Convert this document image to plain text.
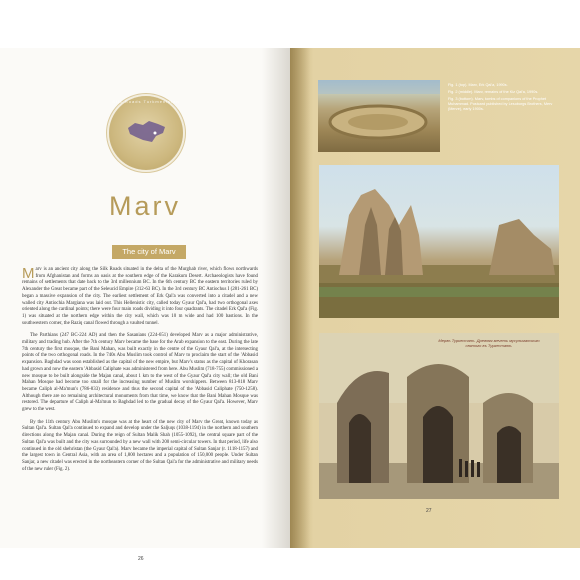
Silk Roads Turkmenistan
Marv
The city of Marv

Marv is an ancient city along the Silk Roads situated in the delta of the Murghab river, which flows northwards from Afghanistan and forms an oasis at the southern edge of the Karakum Desert. Archaeologists have found remains of settlements that date back to the 3rd millennium BC. In the 6th century BC the eastern territories ruled by Alexander the Great became part of the Seleucid Empire (312-63 BC). In the 3rd century BC Antiochus I (281-261 BC) began a massive expansion of the city. The earliest settlement of Erk Qal'a was converted into a citadel and a new walled city Antiochia Margiana was laid out. This Hellenistic city, called today Gyaur Qal'a, had two orthogonal axes oriented along the cardinal points; there were four main roads dividing it into four quadrants. The citadel Erk Qal'a (Fig. 1) was situated at the northern edge within the city wall, which was 10 m wide and had 100 bastions. In the southwestern corner, the Raziq canal flowed through a vaulted tunnel.

The Parthians (247 BC-224 AD) and then the Sasanians (224-651) developed Marv as a major administrative, military and trading hub. After the 7th century Marv became the base for the Arab expansion to the east. During the late 7th century the first mosque, the Bani Mahan, was built exactly in the centre of the Gyaur Qal'a, at the intersecting points of the two orthogonal roads. In the 740s Abu Muslim took control of Marv to proclaim the start of the 'Abbasid expansion. Baghdad was soon established as the capital of the new empire, but Marv's status as the capital of Khorasan had grown and now the eastern 'Abbasid Caliphate was administered from here. Abu Muslim (718-755) commissioned a new mosque to be built alongside the Majan canal, about 1 km to the west of the Gyaur Qal'a city wall; the old Bani Mahan Mosque had become too small for the increasing number of Muslim worshippers. Between 813-818 Marv became Caliph al-Ma'mun's (786-833) residence and thus the second capital of the 'Abbasid Caliphate (750-1258). Although there are no remaining architectural monuments from that time, we know that the Bani Mahan Mosque was restored. The departure of Caliph al-Ma'mun to Baghdad led to the gradual decay of the Gyaur Qal'a. However, Marv grew to the west.

By the 11th century Abu Muslim's mosque was at the heart of the new city of Marv the Great, known today as Sultan Qal'a. Sultan Qal'a continued to expand and develop under the Saljuqs (1038-1194) in the northern and southern directions along the Majan canal. During the reign of Sultan Malik Shah (1055-1092), the central square part of the Sultan Qal'a was built and the city was surrounded by a new wall with 200 semi-circular towers. In that period, life also continued in the old shehristan (the Gyaur Qal'a). Marv became the imperial capital of Sultan Sanjar (r. 1118-1157) and the largest town in Central Asia, with an area of 1,800 hectares and a population of 150,000 people. Under Sultan Sanjar, a new citadel was erected in the northeastern corner of the Sultan Qal'a for the administrative and military needs of the new ruler (Fig. 2).

26

Fig. 1 (top). Marv, Erk Qal'a, 1990s.

Fig. 2 (middle). Marv, remains of the Kiz Qal'a, 1990s.

Fig. 3 (bottom). Marv, tombs of companions of the Prophet Muhammad. Postcard published by Lesoborgs Brothers, Merv (Merve), early 1900s.

Мервъ Туркестанъ. Древняя мечеть мусульманского святого въ Туркестанѣ.
27
